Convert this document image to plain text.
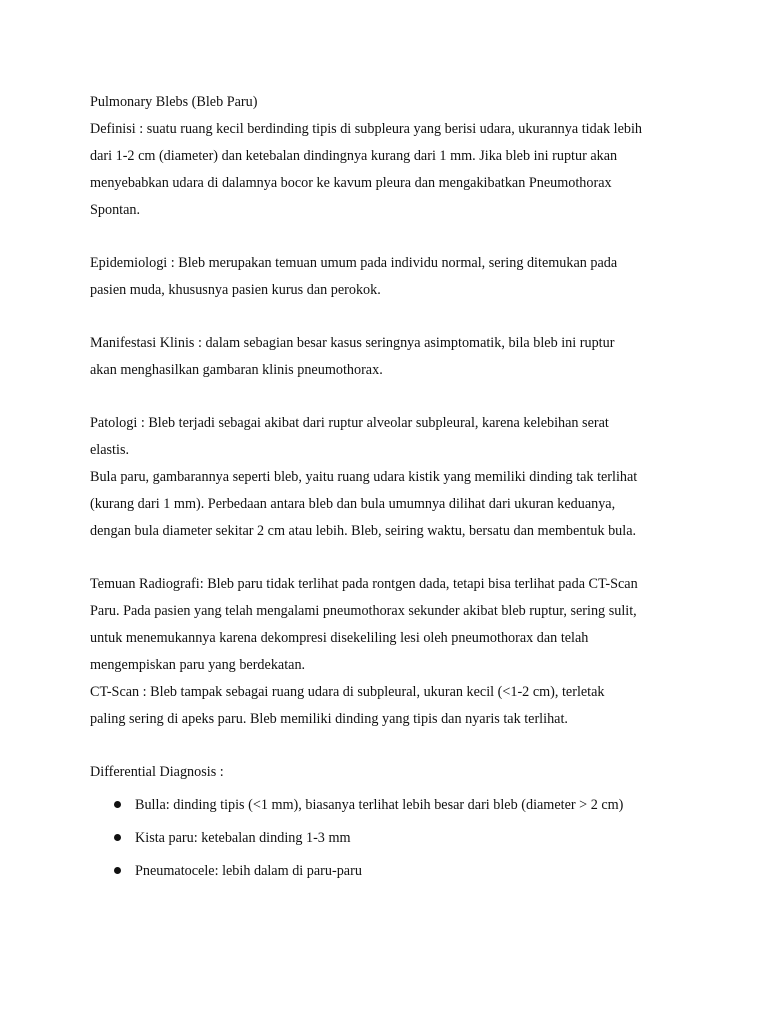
Pulmonary Blebs (Bleb Paru)
Definisi : suatu ruang kecil berdinding tipis di subpleura yang berisi udara, ukurannya tidak lebih
dari 1-2 cm (diameter) dan ketebalan dindingnya kurang dari 1 mm. Jika bleb ini ruptur akan
menyebabkan udara di dalamnya bocor ke kavum pleura dan mengakibatkan Pneumothorax
Spontan.
Epidemiologi : Bleb merupakan temuan umum pada individu normal, sering ditemukan pada
pasien muda, khususnya pasien kurus dan perokok.
Manifestasi Klinis : dalam sebagian besar kasus seringnya asimptomatik, bila bleb ini ruptur
akan menghasilkan gambaran klinis pneumothorax.
Patologi : Bleb terjadi sebagai akibat dari ruptur alveolar subpleural, karena kelebihan serat
elastis.
Bula paru, gambarannya seperti bleb, yaitu ruang udara kistik yang memiliki dinding tak terlihat
(kurang dari 1 mm). Perbedaan antara bleb dan bula umumnya dilihat dari ukuran keduanya,
dengan bula diameter sekitar 2 cm atau lebih. Bleb, seiring waktu, bersatu dan membentuk bula.
Temuan Radiografi: Bleb paru tidak terlihat pada rontgen dada, tetapi bisa terlihat pada CT-Scan
Paru. Pada pasien yang telah mengalami pneumothorax sekunder akibat bleb ruptur, sering sulit,
untuk menemukannya karena dekompresi disekeliling lesi oleh pneumothorax dan telah
mengempiskan paru yang berdekatan.
CT-Scan : Bleb tampak sebagai ruang udara di subpleural, ukuran kecil (<1-2 cm), terletak
paling sering di apeks paru. Bleb memiliki dinding yang tipis dan nyaris tak terlihat.
Differential Diagnosis :
Bulla: dinding tipis (<1 mm), biasanya terlihat lebih besar dari bleb (diameter > 2 cm)
Kista paru: ketebalan dinding 1-3 mm
Pneumatocele: lebih dalam di paru-paru
